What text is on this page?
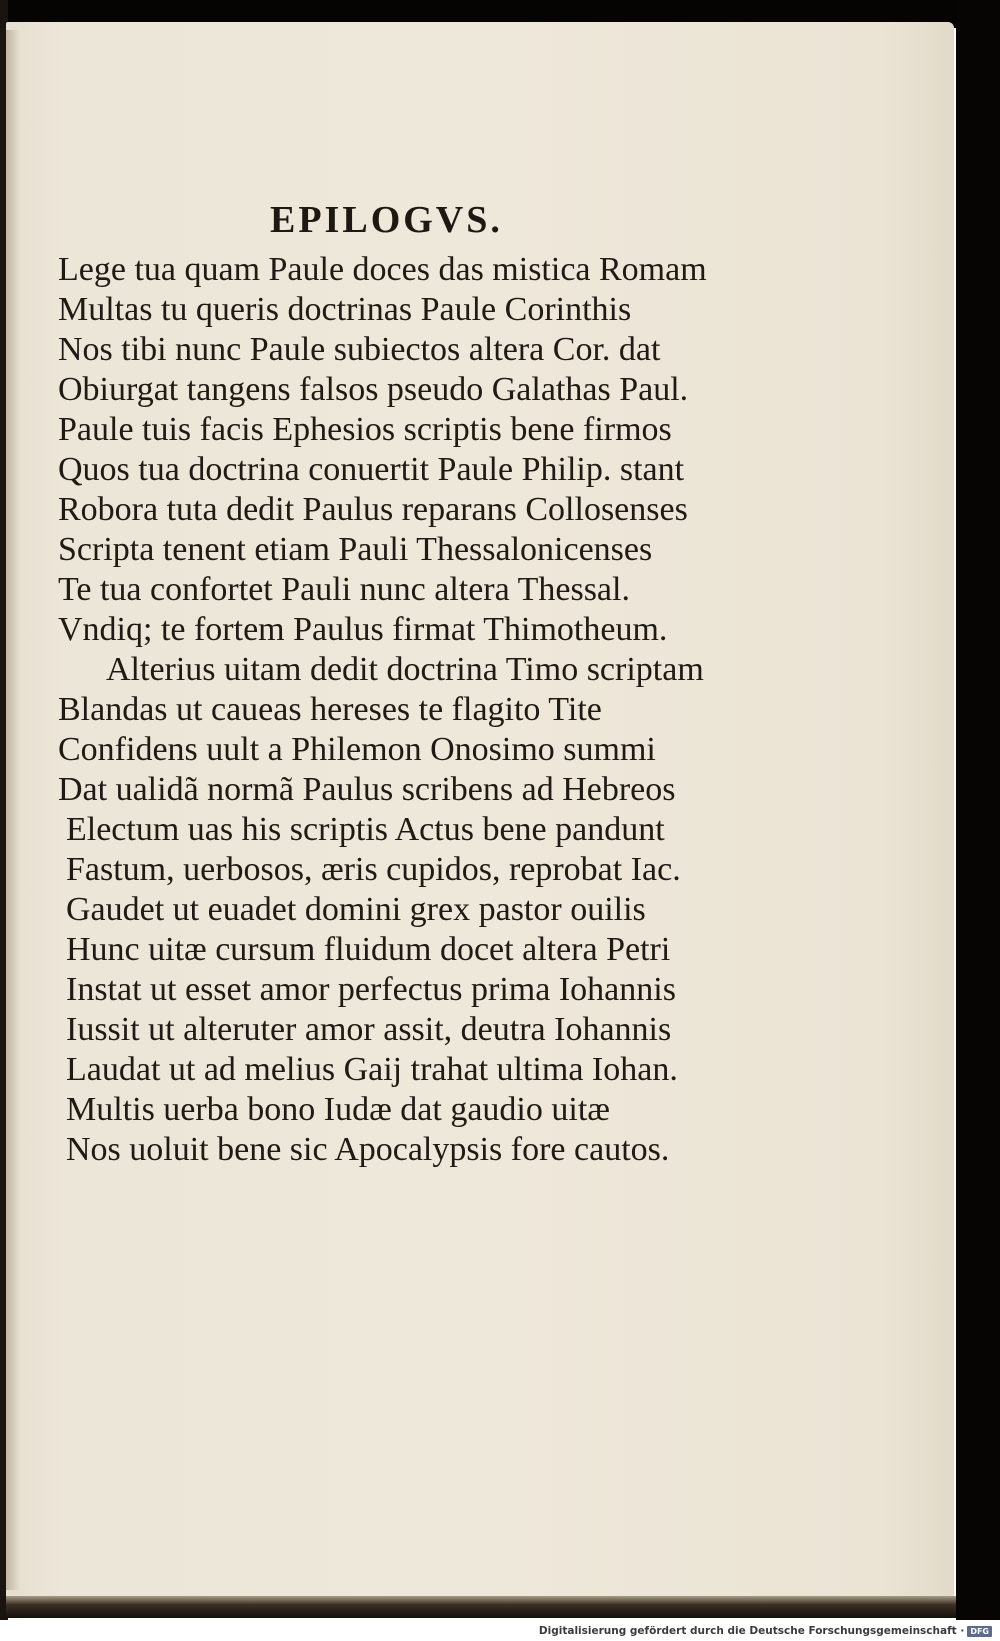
EPILOGVS.
Lege tua quam Paule doces das mistica Romam
Multas tu queris doctrinas Paule Corinthis
Nos tibi nunc Paule subiectos altera Cor. dat
Obiurgat tangens falsos pseudo Galathas Paul.
Paule tuis facis Ephesios scriptis bene firmos
Quos tua doctrina conuertit Paule Philip. stant
Robora tuta dedit Paulus reparans Collosenses
Scripta tenent etiam Pauli Thessalonicenses
Te tua confortet Pauli nunc altera Thessal.
Vndiq; te fortem Paulus firmat Thimotheum.
Alterius uitam dedit doctrina Timo scriptam
Blandas ut caueas hereses te flagito Tite
Confidens uult a Philemon Onosimo summi
Dat ualidã normã Paulus scribens ad Hebreos
Electum uas his scriptis Actus bene pandunt
Fastum, uerbosos, æris cupidos, reprobat Iac.
Gaudet ut euadet domini grex pastor ouilis
Hunc uitæ cursum fluidum docet altera Petri
Instat ut esset amor perfectus prima Iohannis
Iussit ut alteruter amor assit, deutra Iohannis
Laudat ut ad melius Gaij trahat ultima Iohan.
Multis uerba bono Iudæ dat gaudio uitæ
Nos uoluit bene sic Apocalypsis fore cautos.
Digitalisierung gefördert durch die Deutsche Forschungsgemeinschaft · DFG
